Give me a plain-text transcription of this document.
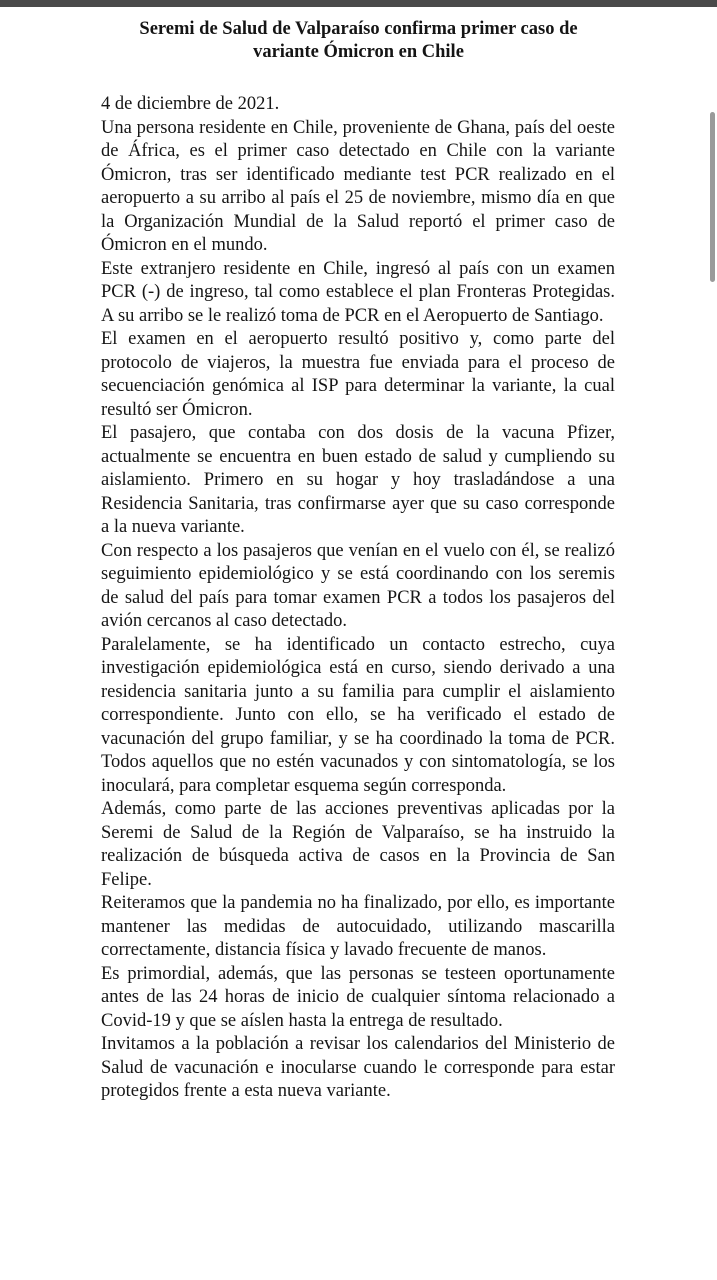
Seremi de Salud de Valparaíso confirma primer caso de
variante Ómicron en Chile

4 de diciembre de 2021.

Una persona residente en Chile, proveniente de Ghana, país del oeste de África, es el primer caso detectado en Chile con la variante Ómicron, tras ser identificado mediante test PCR realizado en el aeropuerto a su arribo al país el 25 de noviembre, mismo día en que la Organización Mundial de la Salud reportó el primer caso de Ómicron en el mundo.

Este extranjero residente en Chile, ingresó al país con un examen PCR (-) de ingreso, tal como establece el plan Fronteras Protegidas. A su arribo se le realizó toma de PCR en el Aeropuerto de Santiago.

El examen en el aeropuerto resultó positivo y, como parte del protocolo de viajeros, la muestra fue enviada para el proceso de secuenciación genómica al ISP para determinar la variante, la cual resultó ser Ómicron.

El pasajero, que contaba con dos dosis de la vacuna Pfizer, actualmente se encuentra en buen estado de salud y cumpliendo su aislamiento. Primero en su hogar y hoy trasladándose a una Residencia Sanitaria, tras confirmarse ayer que su caso corresponde a la nueva variante.

Con respecto a los pasajeros que venían en el vuelo con él, se realizó seguimiento epidemiológico y se está coordinando con los seremis de salud del país para tomar examen PCR a todos los pasajeros del avión cercanos al caso detectado.

Paralelamente, se ha identificado un contacto estrecho, cuya investigación epidemiológica está en curso, siendo derivado a una residencia sanitaria junto a su familia para cumplir el aislamiento correspondiente. Junto con ello, se ha verificado el estado de vacunación del grupo familiar, y se ha coordinado la toma de PCR. Todos aquellos que no estén vacunados y con sintomatología, se los inoculará, para completar esquema según corresponda.

Además, como parte de las acciones preventivas aplicadas por la Seremi de Salud de la Región de Valparaíso, se ha instruido la realización de búsqueda activa de casos en la Provincia de San Felipe.

Reiteramos que la pandemia no ha finalizado, por ello, es importante mantener las medidas de autocuidado, utilizando mascarilla correctamente, distancia física y lavado frecuente de manos.

Es primordial, además, que las personas se testeen oportunamente antes de las 24 horas de inicio de cualquier síntoma relacionado a Covid-19 y que se aíslen hasta la entrega de resultado.

Invitamos a la población a revisar los calendarios del Ministerio de Salud de vacunación e inocularse cuando le corresponde para estar protegidos frente a esta nueva variante.
